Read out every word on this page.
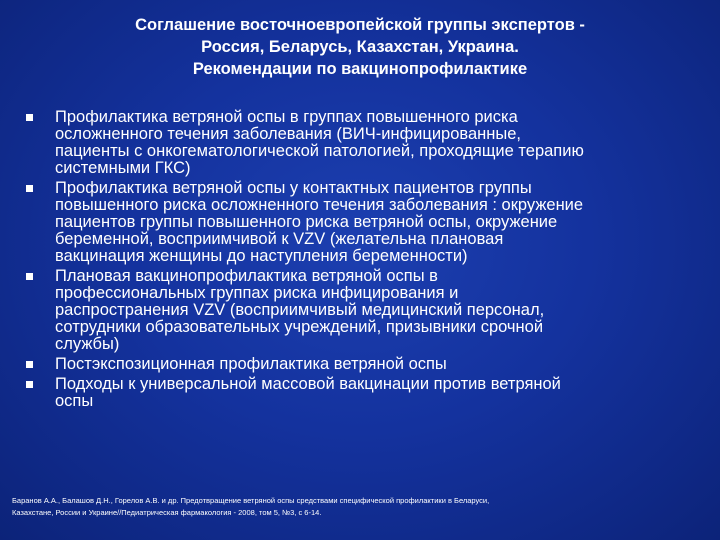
Соглашение восточноевропейской группы экспертов -
Россия, Беларусь, Казахстан, Украина.
Рекомендации по вакцинопрофилактике
Профилактика ветряной оспы в группах повышенного риска
осложненного течения заболевания (ВИЧ-инфицированные,
пациенты с онкогематологической патологией, проходящие терапию
системными ГКС)
Профилактика ветряной оспы у контактных пациентов группы
повышенного риска осложненного течения заболевания : окружение
пациентов группы повышенного риска ветряной оспы, окружение
беременной, восприимчивой к VZV (желательна плановая
вакцинация женщины до наступления беременности)
Плановая вакцинопрофилактика ветряной оспы в
профессиональных группах риска инфицирования и
распространения VZV (восприимчивый медицинский персонал,
сотрудники образовательных учреждений, призывники срочной
службы)
Постэкспозиционная профилактика ветряной оспы
Подходы к универсальной массовой вакцинации против ветряной
оспы
Баранов А.А., Балашов Д.Н., Горелов А.В. и др. Предотвращение ветряной оспы средствами специфической профилактики в Беларуси,
Казахстане, России и Украине//Педиатрическая фармакология - 2008, том 5, №3, с 6-14.
